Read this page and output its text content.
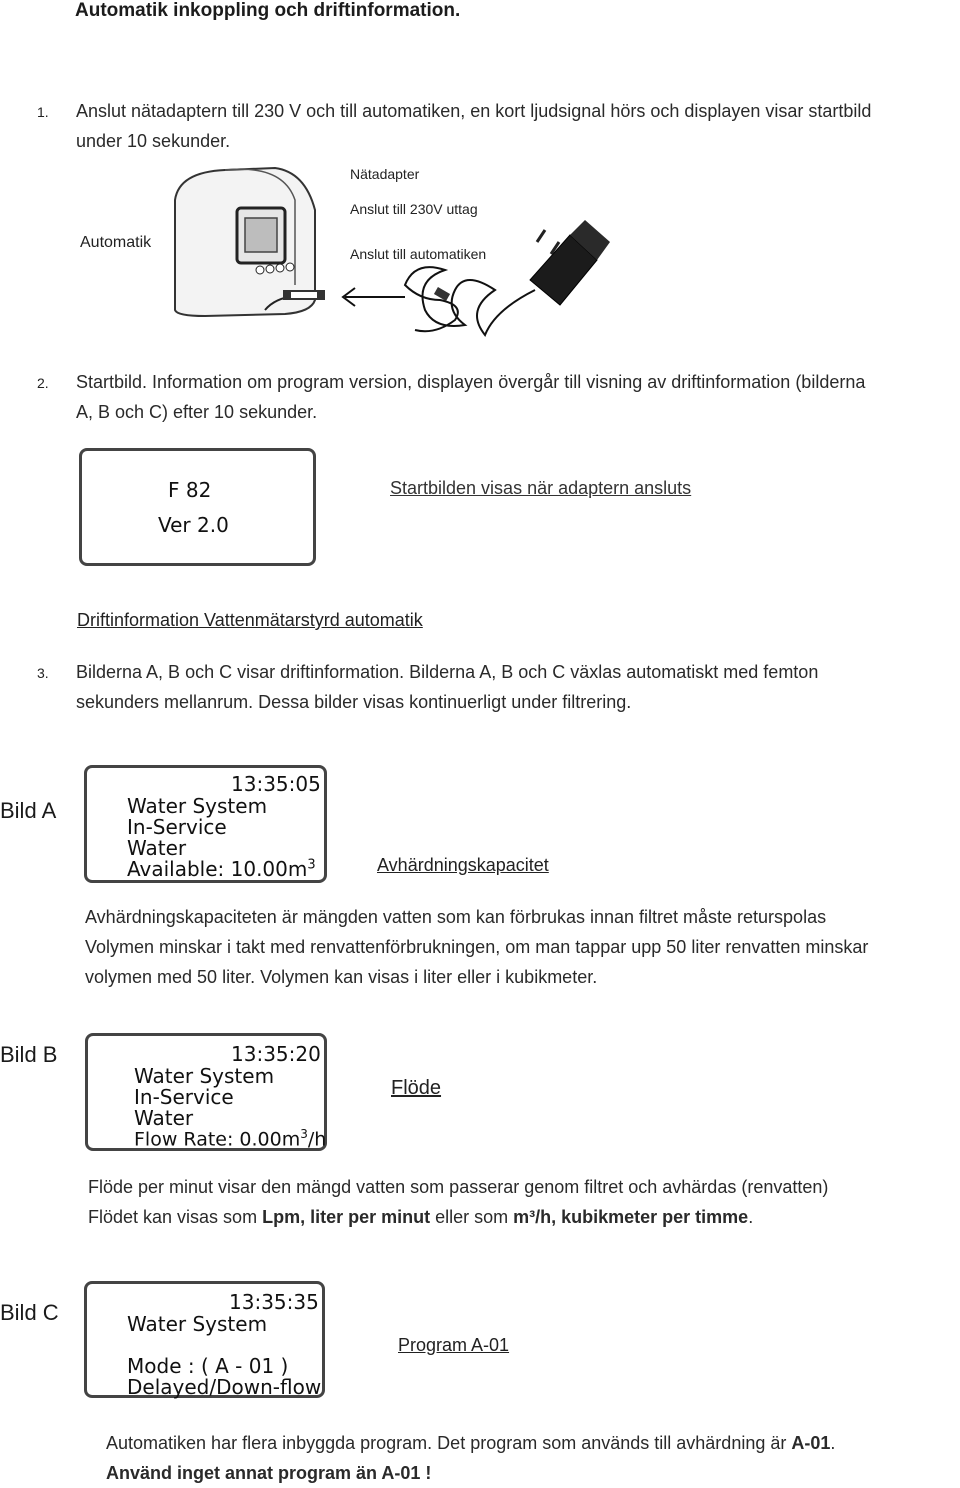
Automatik inkoppling och driftinformation.
1. Anslut nätadaptern till 230 V och till automatiken, en kort ljudsignal hörs och displayen visar startbild
under 10 sekunder.
Automatik
Nätadapter
Anslut till 230V uttag
Anslut till automatiken
2. Startbild. Information om program version, displayen övergår till visning av driftinformation (bilderna
A, B och C) efter 10 sekunder.
F 82
Ver 2.0
Startbilden visas när adaptern ansluts
Driftinformation Vattenmätarstyrd automatik
3. Bilderna A, B och C visar driftinformation. Bilderna A, B och C växlas automatiskt med femton
sekunders mellanrum. Dessa bilder visas kontinuerligt under filtrering.
Bild A
13:35:05
Water System
In-Service
Water
Available: $10.00m^3$	Avhärdningskapacitet
Avhärdningskapaciteten är mängden vatten som kan förbrukas innan filtret måste returspolas
Volymen minskar i takt med renvattenförbrukningen, om man tappar upp 50 liter renvatten minskar
volymen med 50 liter. Volymen kan visas i liter eller i kubikmeter.
Bild B	13:35:20
Water System
In-Service
Water
Flow Rate: $0.00m^3/h$
Flöde
Flöde per minut visar den mängd vatten som passerar genom filtret och avhärdas (renvatten)
Flödet kan visas som Lpm, liter per minut eller som m³/h, kubikmeter per timme.
Bild C	13:35:35
Water System
Mode : ( A - 01 )
Delayed/Down-flow
Program A-01
Automatiken har flera inbyggda program. Det program som används till avhärdning är A-01.
Använd inget annat program än A-01 !
